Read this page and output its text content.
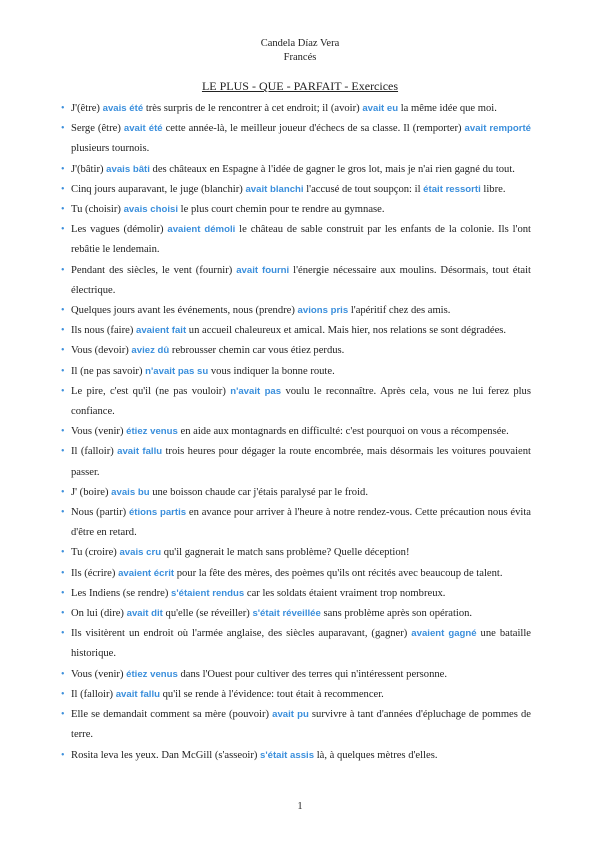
Candela Díaz Vera
Francés
LE PLUS - QUE - PARFAIT - Exercices
• J'(être) avais été très surpris de le rencontrer à cet endroit; il (avoir) avait eu la même idée que moi.
• Serge (être) avait été cette année-là, le meilleur joueur d'échecs de sa classe. Il (remporter) avait remporté plusieurs tournois.
• J'(bâtir) avais bâti des châteaux en Espagne à l'idée de gagner le gros lot, mais je n'ai rien gagné du tout.
• Cinq jours auparavant, le juge (blanchir) avait blanchi l'accusé de tout soupçon: il était ressorti libre.
• Tu (choisir) avais choisi le plus court chemin pour te rendre au gymnase.
• Les vagues (démolir) avaient démoli le château de sable construit par les enfants de la colonie. Ils l'ont rebâtie le lendemain.
• Pendant des siècles, le vent (fournir) avait fourni l'énergie nécessaire aux moulins. Désormais, tout était électrique.
• Quelques jours avant les événements, nous (prendre) avions pris l'apéritif chez des amis.
• Ils nous (faire) avaient fait un accueil chaleureux et amical. Mais hier, nos relations se sont dégradées.
• Vous (devoir) aviez dû rebrousser chemin car vous étiez perdus.
• Il (ne pas savoir) n'avait pas su vous indiquer la bonne route.
• Le pire, c'est qu'il (ne pas vouloir) n'avait pas voulu le reconnaître. Après cela, vous ne lui ferez plus confiance.
• Vous (venir) étiez venus en aide aux montagnards en difficulté: c'est pourquoi on vous a récompensée.
• Il (falloir) avait fallu trois heures pour dégager la route encombrée, mais désormais les voitures pouvaient passer.
• J' (boire) avais bu une boisson chaude car j'étais paralysé par le froid.
• Nous (partir) étions partis en avance pour arriver à l'heure à notre rendez-vous. Cette précaution nous évita d'être en retard.
• Tu (croire) avais cru qu'il gagnerait le match sans problème? Quelle déception!
• Ils (écrire) avaient écrit pour la fête des mères, des poèmes qu'ils ont récités avec beaucoup de talent.
• Les Indiens (se rendre) s'étaient rendus car les soldats étaient vraiment trop nombreux.
• On lui (dire) avait dit qu'elle (se réveiller) s'était réveillée sans problème après son opération.
• Ils visitèrent un endroit où l'armée anglaise, des siècles auparavant, (gagner) avaient gagné une bataille historique.
• Vous (venir) étiez venus dans l'Ouest pour cultiver des terres qui n'intéressent personne.
• Il (falloir) avait fallu qu'il se rende à l'évidence: tout était à recommencer.
• Elle se demandait comment sa mère (pouvoir) avait pu survivre à tant d'années d'épluchage de pommes de terre.
• Rosita leva les yeux. Dan McGill (s'asseoir) s'était assis là, à quelques mètres d'elles.
1
